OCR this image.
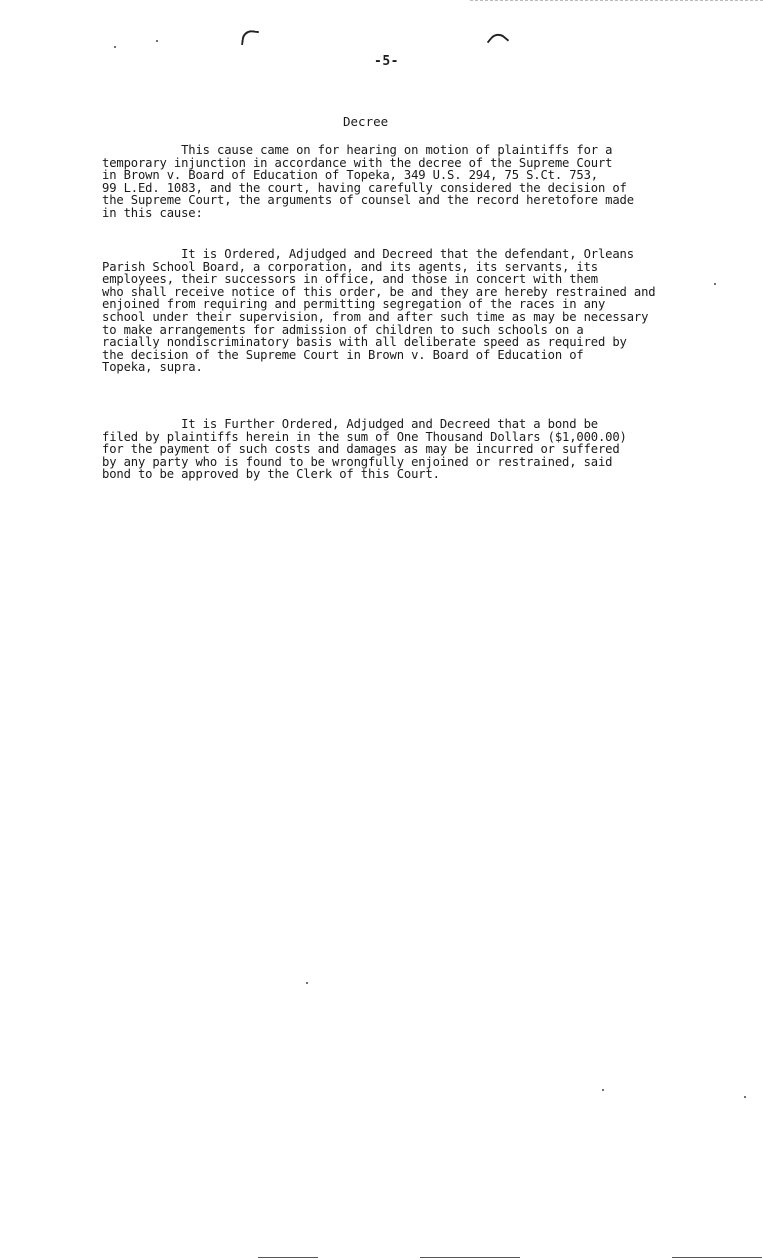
-5-
Decree
This cause came on for hearing on motion of plaintiffs for a
temporary injunction in accordance with the decree of the Supreme Court
in Brown v. Board of Education of Topeka, 349 U.S. 294, 75 S.Ct. 753,
99 L.Ed. 1083, and the court, having carefully considered the decision of
the Supreme Court, the arguments of counsel and the record heretofore made
in this cause:
It is Ordered, Adjudged and Decreed that the defendant, Orleans
Parish School Board, a corporation, and its agents, its servants, its
employees, their successors in office, and those in concert with them
who shall receive notice of this order, be and they are hereby restrained and
enjoined from requiring and permitting segregation of the races in any
school under their supervision, from and after such time as may be necessary
to make arrangements for admission of children to such schools on a
racially nondiscriminatory basis with all deliberate speed as required by
the decision of the Supreme Court in Brown v. Board of Education of
Topeka, supra.
It is Further Ordered, Adjudged and Decreed that a bond be
filed by plaintiffs herein in the sum of One Thousand Dollars ($1,000.00)
for the payment of such costs and damages as may be incurred or suffered
by any party who is found to be wrongfully enjoined or restrained, said
bond to be approved by the Clerk of this Court.
